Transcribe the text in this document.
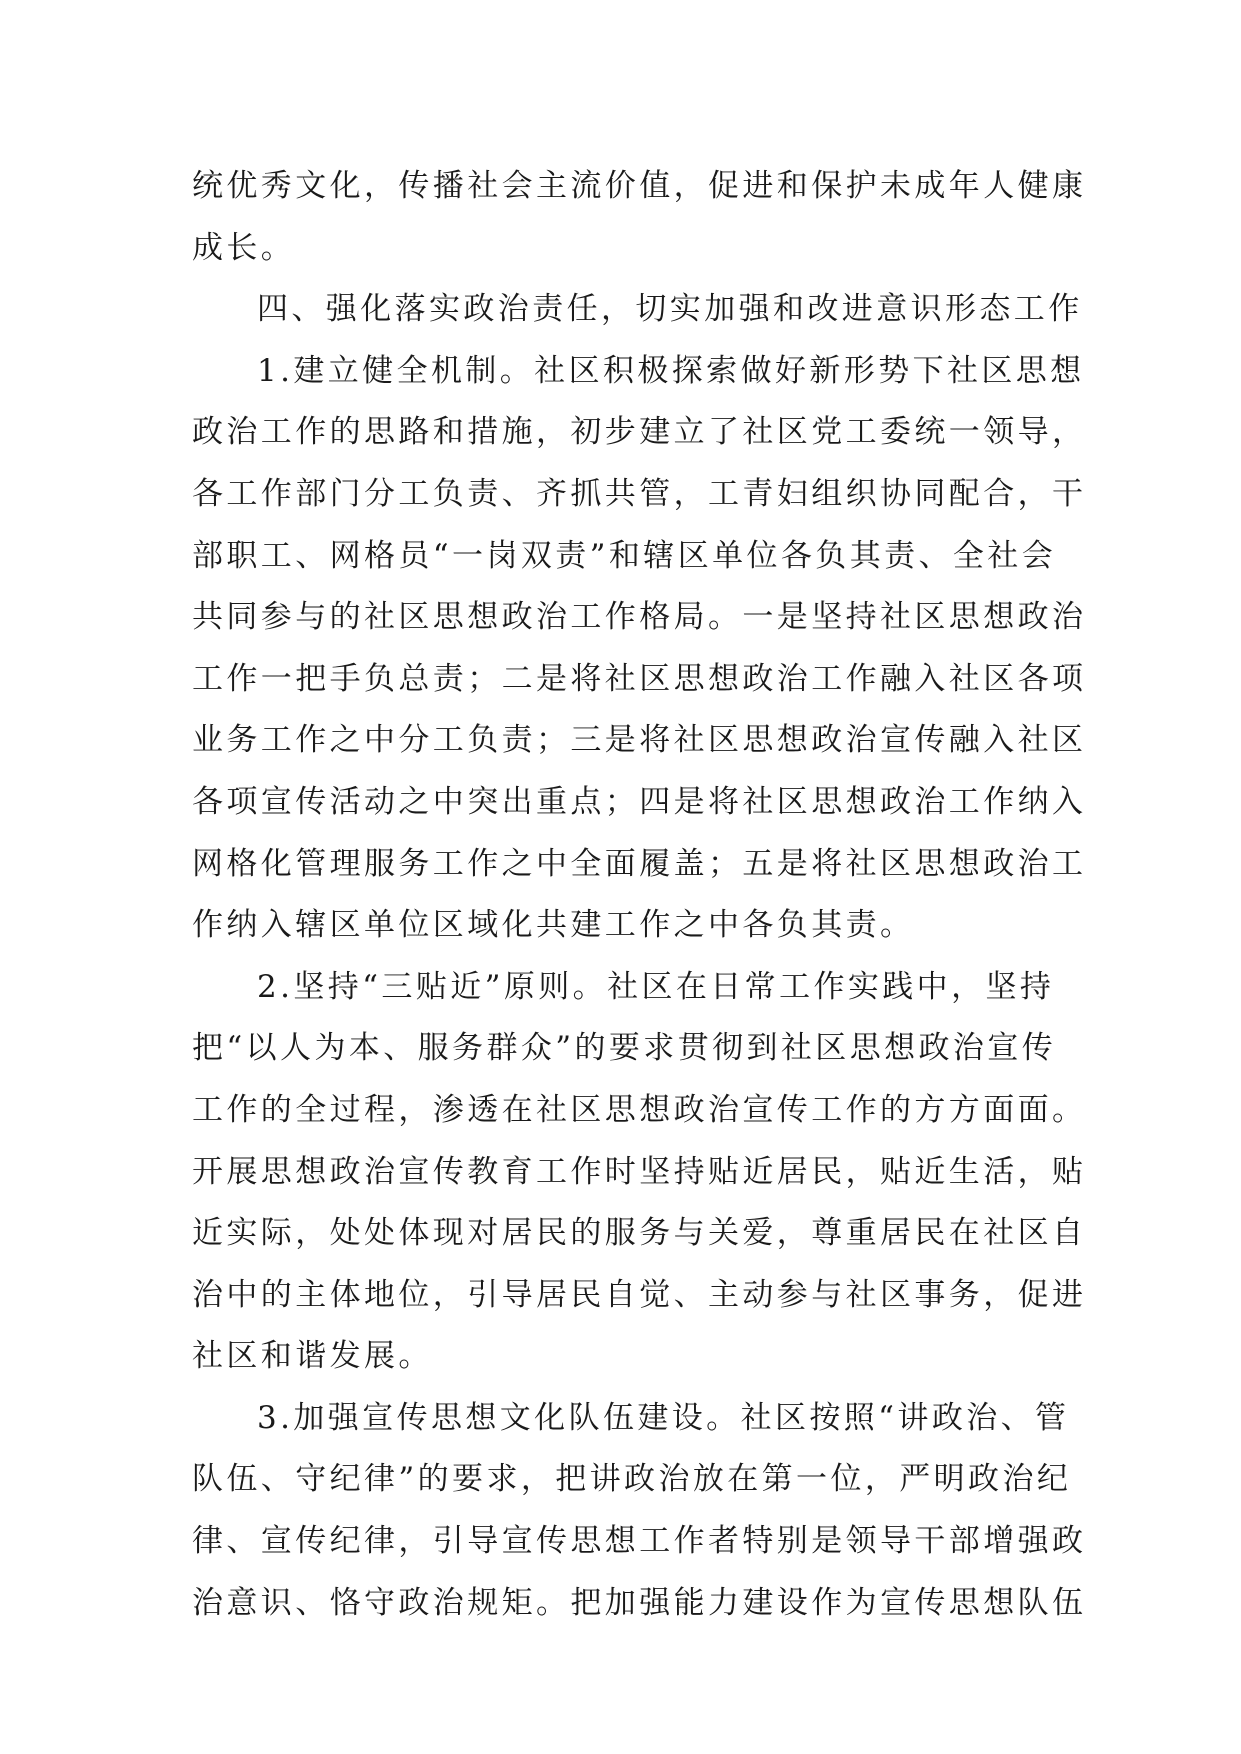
统优秀文化，传播社会主流价值，促进和保护未成年人健康
成长。
四、强化落实政治责任，切实加强和改进意识形态工作
1.建立健全机制。社区积极探索做好新形势下社区思想
政治工作的思路和措施，初步建立了社区党工委统一领导，
各工作部门分工负责、齐抓共管，工青妇组织协同配合，干
部职工、网格员“一岗双责”和辖区单位各负其责、全社会
共同参与的社区思想政治工作格局。一是坚持社区思想政治
工作一把手负总责；二是将社区思想政治工作融入社区各项
业务工作之中分工负责；三是将社区思想政治宣传融入社区
各项宣传活动之中突出重点；四是将社区思想政治工作纳入
网格化管理服务工作之中全面履盖；五是将社区思想政治工
作纳入辖区单位区域化共建工作之中各负其责。
2.坚持“三贴近”原则。社区在日常工作实践中，坚持
把“以人为本、服务群众”的要求贯彻到社区思想政治宣传
工作的全过程，渗透在社区思想政治宣传工作的方方面面。
开展思想政治宣传教育工作时坚持贴近居民，贴近生活，贴
近实际，处处体现对居民的服务与关爱，尊重居民在社区自
治中的主体地位，引导居民自觉、主动参与社区事务，促进
社区和谐发展。
3.加强宣传思想文化队伍建设。社区按照“讲政治、管
队伍、守纪律”的要求，把讲政治放在第一位，严明政治纪
律、宣传纪律，引导宣传思想工作者特别是领导干部增强政
治意识、恪守政治规矩。把加强能力建设作为宣传思想队伍
